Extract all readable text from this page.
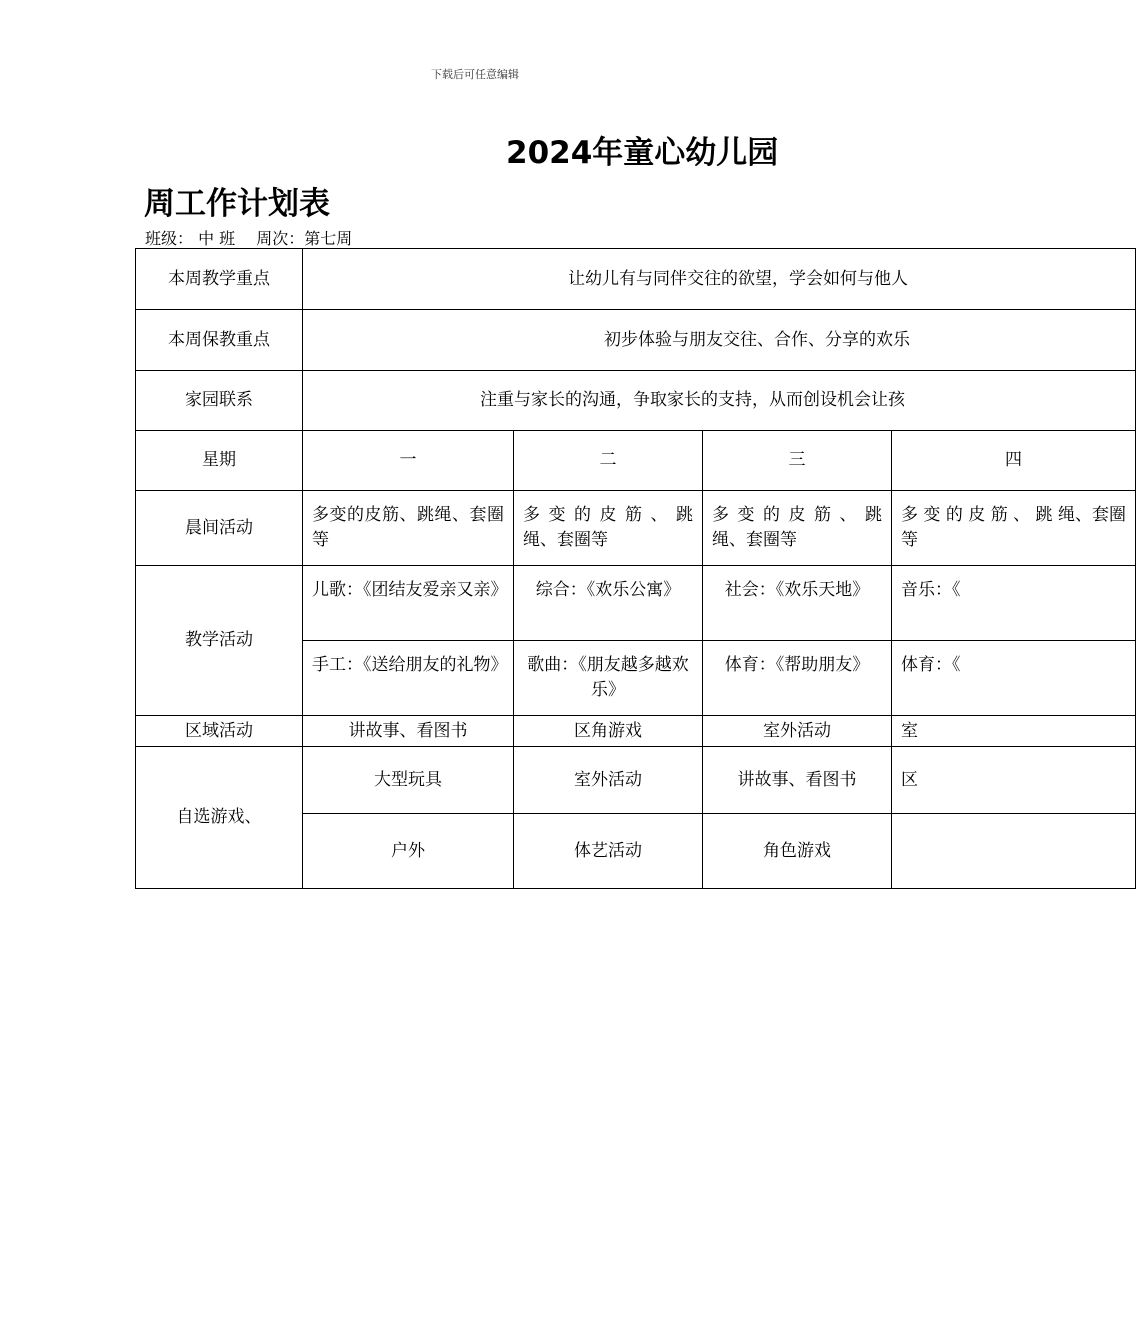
下载后可任意编辑
2024年童心幼儿园
周工作计划表
班级： 中 班　 周次：第七周
本周教学重点	让幼儿有与同伴交往的欲望，学会如何与他人			
本周保教重点	初步体验与朋友交往、合作、分享的欢乐			
家园联系	注重与家长的沟通，争取家长的支持，从而创设机会让孩			
星期	一	二	三	四
晨间活动	多变的皮筋、跳绳、套圈等	多 变 的 皮 筋 、 跳 绳、套圈等	多 变 的 皮 筋 、 跳 绳、套圈等	多 变 的 皮 筋 、 跳 绳、套圈等
教学活动	儿歌：《团结友爱亲又亲》	综合：《欢乐公寓》	社会：《欢乐天地》	音乐：《
	手工：《送给朋友的礼物》	歌曲：《朋友越多越欢乐》	体育：《帮助朋友》	体育：《
区域活动	讲故事、看图书	区角游戏	室外活动	室
自选游戏、	大型玩具	室外活动	讲故事、看图书	区
	户外	体艺活动	角色游戏	
